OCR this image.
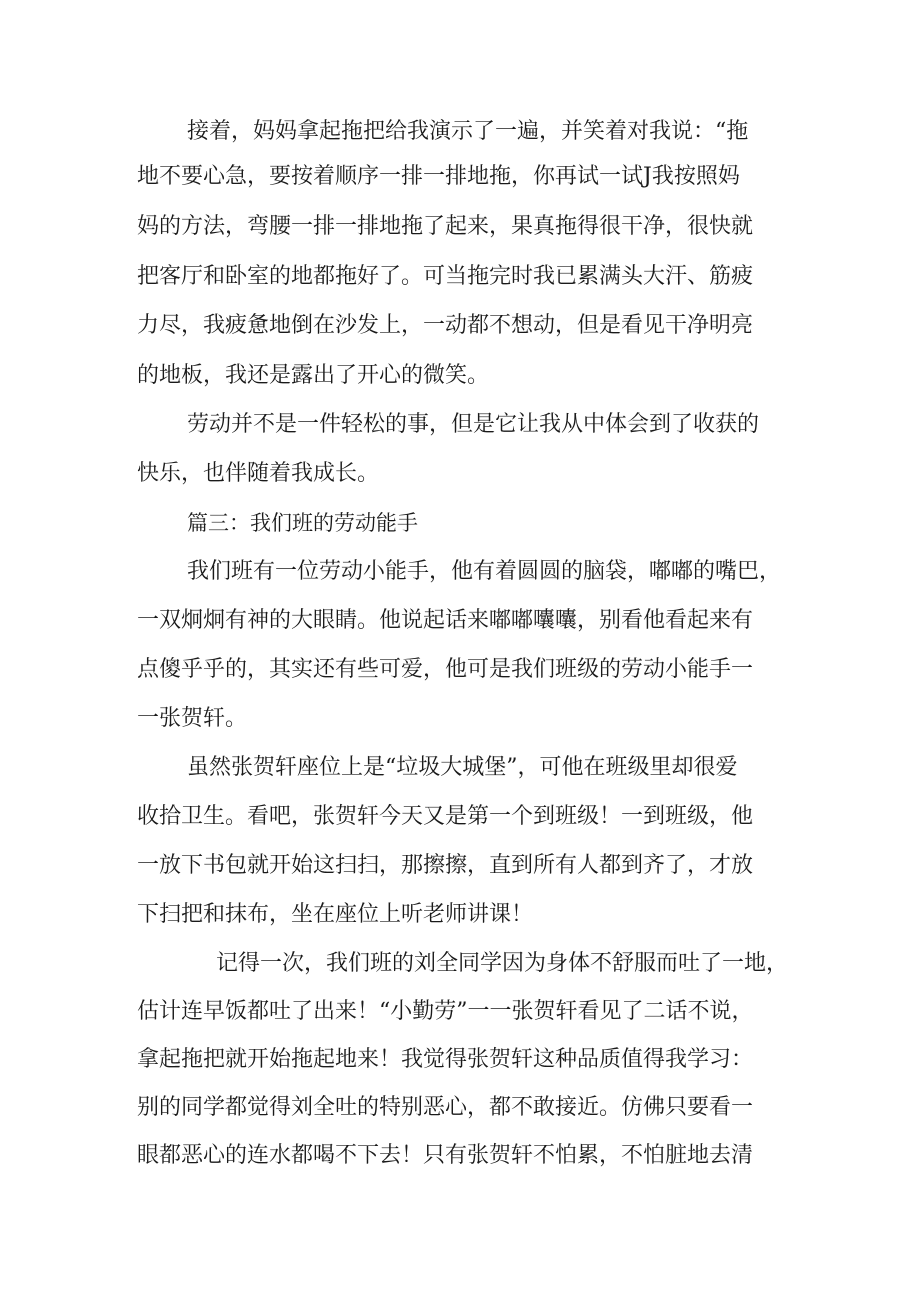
接着，妈妈拿起拖把给我演示了一遍，并笑着对我说：“拖
地不要心急，要按着顺序一排一排地拖，你再试一试J我按照妈
妈的方法，弯腰一排一排地拖了起来，果真拖得很干净，很快就
把客厅和卧室的地都拖好了。可当拖完时我已累满头大汗、筋疲
力尽，我疲惫地倒在沙发上，一动都不想动，但是看见干净明亮
的地板，我还是露出了开心的微笑。
劳动并不是一件轻松的事，但是它让我从中体会到了收获的
快乐，也伴随着我成长。
篇三：我们班的劳动能手
我们班有一位劳动小能手，他有着圆圆的脑袋，嘟嘟的嘴巴，
一双炯炯有神的大眼睛。他说起话来嘟嘟囔囔，别看他看起来有
点傻乎乎的，其实还有些可爱，他可是我们班级的劳动小能手一
一张贺轩。
虽然张贺轩座位上是“垃圾大城堡”，可他在班级里却很爱
收拾卫生。看吧，张贺轩今天又是第一个到班级！一到班级，他
一放下书包就开始这扫扫，那擦擦，直到所有人都到齐了，才放
下扫把和抹布，坐在座位上听老师讲课！
记得一次，我们班的刘全同学因为身体不舒服而吐了一地，
估计连早饭都吐了出来！“小勤劳”一一张贺轩看见了二话不说，
拿起拖把就开始拖起地来！我觉得张贺轩这种品质值得我学习：
别的同学都觉得刘全吐的特别恶心，都不敢接近。仿佛只要看一
眼都恶心的连水都喝不下去！只有张贺轩不怕累，不怕脏地去清
